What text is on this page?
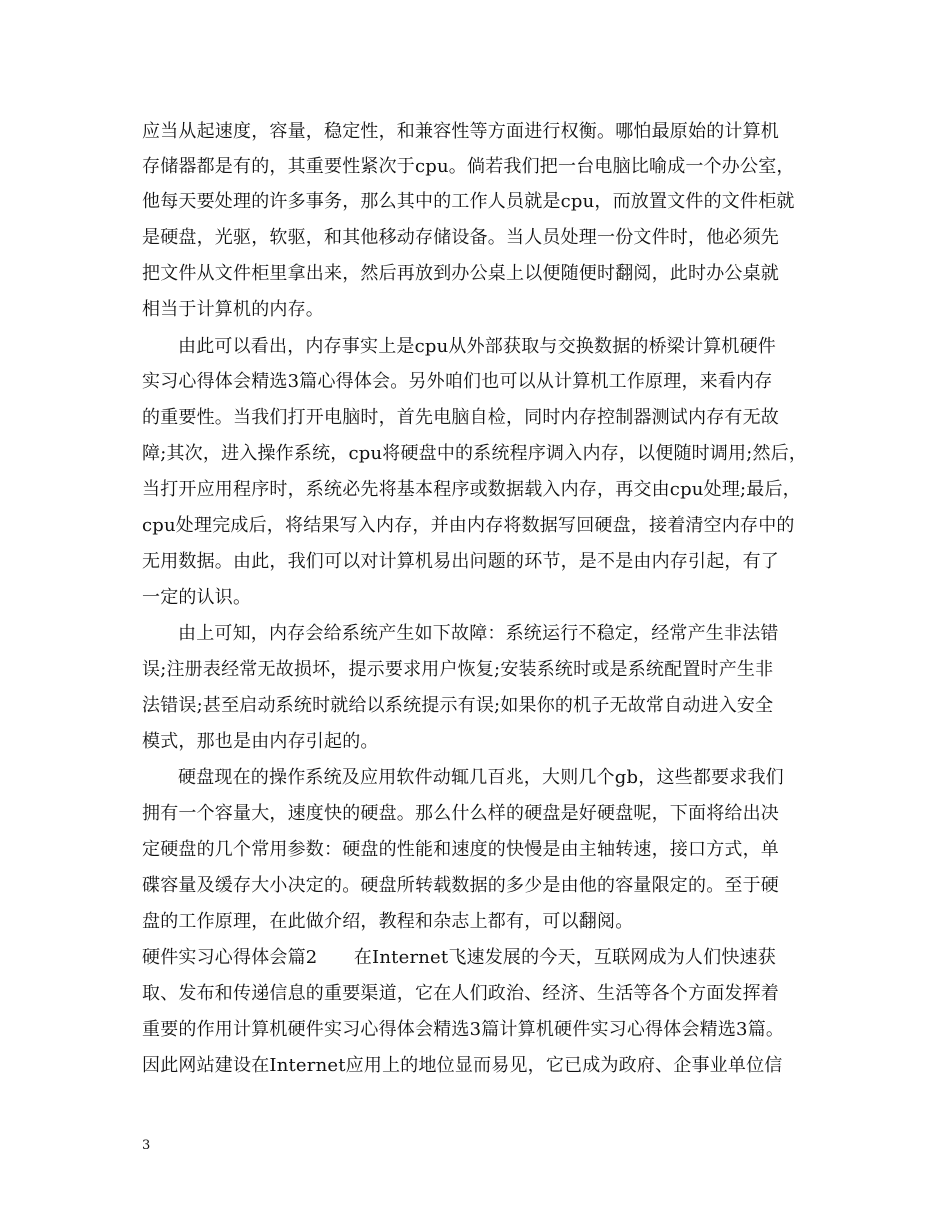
应当从起速度，容量，稳定性，和兼容性等方面进行权衡。哪怕最原始的计算机
存储器都是有的，其重要性紧次于cpu。倘若我们把一台电脑比喻成一个办公室，
他每天要处理的许多事务，那么其中的工作人员就是cpu，而放置文件的文件柜就
是硬盘，光驱，软驱，和其他移动存储设备。当人员处理一份文件时，他必须先
把文件从文件柜里拿出来，然后再放到办公桌上以便随便时翻阅，此时办公桌就
相当于计算机的内存。
由此可以看出，内存事实上是cpu从外部获取与交换数据的桥梁计算机硬件
实习心得体会精选3篇心得体会。另外咱们也可以从计算机工作原理，来看内存
的重要性。当我们打开电脑时，首先电脑自检，同时内存控制器测试内存有无故
障;其次，进入操作系统，cpu将硬盘中的系统程序调入内存，以便随时调用;然后，
当打开应用程序时，系统必先将基本程序或数据载入内存，再交由cpu处理;最后，
cpu处理完成后，将结果写入内存，并由内存将数据写回硬盘，接着清空内存中的
无用数据。由此，我们可以对计算机易出问题的环节，是不是由内存引起，有了
一定的认识。
由上可知，内存会给系统产生如下故障：系统运行不稳定，经常产生非法错
误;注册表经常无故损坏，提示要求用户恢复;安装系统时或是系统配置时产生非
法错误;甚至启动系统时就给以系统提示有误;如果你的机子无故常自动进入安全
模式，那也是由内存引起的。
硬盘现在的操作系统及应用软件动辄几百兆，大则几个gb，这些都要求我们
拥有一个容量大，速度快的硬盘。那么什么样的硬盘是好硬盘呢，下面将给出决
定硬盘的几个常用参数：硬盘的性能和速度的快慢是由主轴转速，接口方式，单
碟容量及缓存大小决定的。硬盘所转载数据的多少是由他的容量限定的。至于硬
盘的工作原理，在此做介绍，教程和杂志上都有，可以翻阅。
硬件实习心得体会篇2　　在Internet飞速发展的今天，互联网成为人们快速获
取、发布和传递信息的重要渠道，它在人们政治、经济、生活等各个方面发挥着
重要的作用计算机硬件实习心得体会精选3篇计算机硬件实习心得体会精选3篇。
因此网站建设在Internet应用上的地位显而易见，它已成为政府、企事业单位信
3
